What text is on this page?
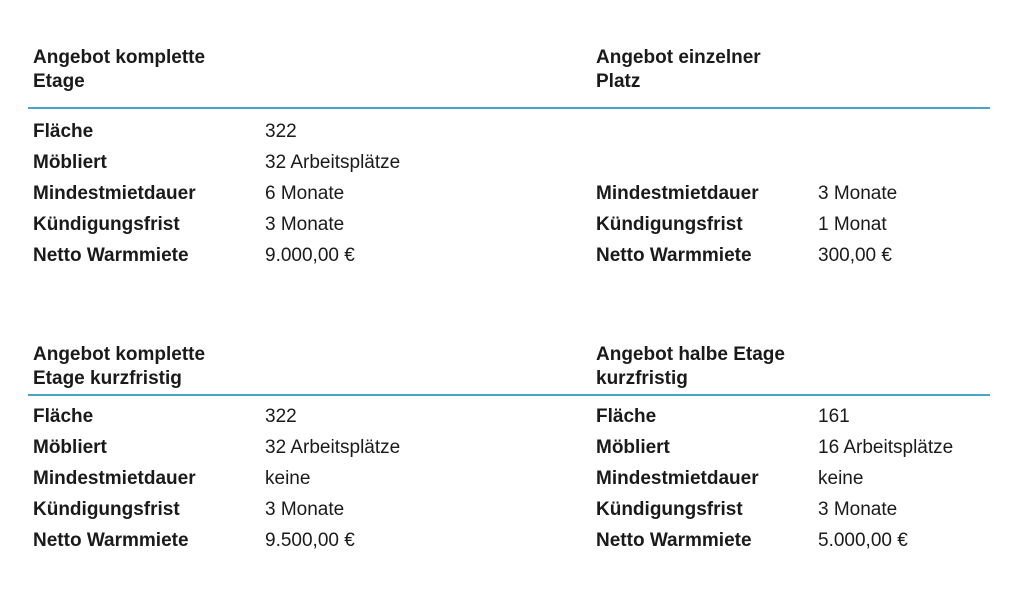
Angebot komplette
Etage
Angebot einzelner
Platz
Fläche	322
Möbliert	32 Arbeitsplätze
Mindestmietdauer	6 Monate
Kündigungsfrist	3 Monate
Netto Warmmiete	9.000,00 €
Mindestmietdauer	3 Monate
Kündigungsfrist	1 Monat
Netto Warmmiete	300,00 €
Angebot komplette
Etage kurzfristig
Angebot halbe Etage
kurzfristig
Fläche	322
Möbliert	32 Arbeitsplätze
Mindestmietdauer	keine
Kündigungsfrist	3 Monate
Netto Warmmiete	9.500,00 €
Fläche	161
Möbliert	16 Arbeitsplätze
Mindestmietdauer	keine
Kündigungsfrist	3 Monate
Netto Warmmiete	5.000,00 €
